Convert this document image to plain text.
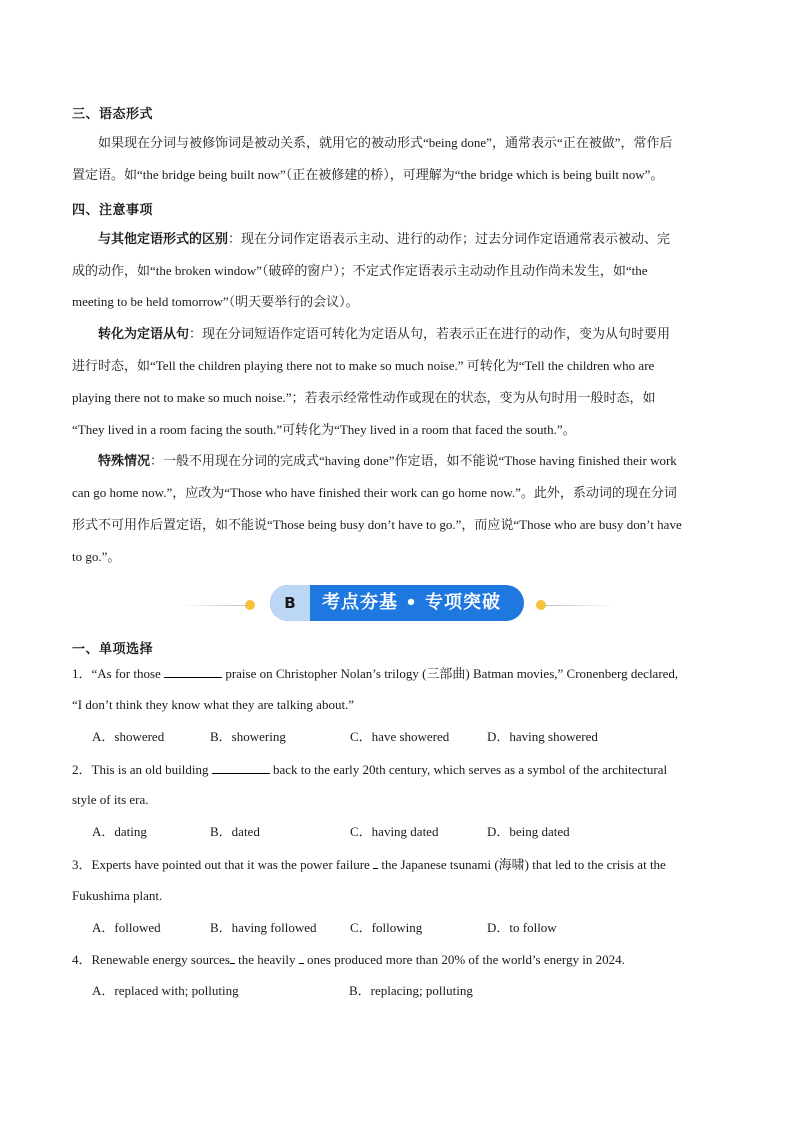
三、语态形式
如果现在分词与被修饰词是被动关系，就用它的被动形式“being done”，通常表示“正在被做”，常作后
置定语。如“the bridge being built now”（正在被修建的桥），可理解为“the bridge which is being built now”。
四、注意事项
与其他定语形式的区别：现在分词作定语表示主动、进行的动作；过去分词作定语通常表示被动、完
成的动作，如“the broken window”（破碎的窗户）；不定式作定语表示主动动作且动作尚未发生，如“the
meeting to be held tomorrow”（明天要举行的会议）。
转化为定语从句：现在分词短语作定语可转化为定语从句，若表示正在进行的动作，变为从句时要用
进行时态，如“Tell the children playing there not to make so much noise.” 可转化为“Tell the children who are
playing there not to make so much noise.”；若表示经常性动作或现在的状态，变为从句时用一般时态，如
“They lived in a room facing the south.”可转化为“They lived in a room that faced the south.”。
特殊情况：一般不用现在分词的完成式“having done”作定语，如不能说“Those having finished their work
can go home now.”，应改为“Those who have finished their work can go home now.”。此外，系动词的现在分词
形式不可用作后置定语，如不能说“Those being busy don’t have to go.”，而应说“Those who are busy don’t have
to go.”。
B	考点夯基 • 专项突破
一、单项选择
1．“As for those	praise on Christopher Nolan’s trilogy (三部曲) Batman movies,” Cronenberg declared,
“I don’t think they know what they are talking about.”
A．showered	B．showering	C．have showered	D．having showered
2．This is an old building	back to the early 20th century, which serves as a symbol of the architectural
style of its era.
A．dating	B．dated	C．having dated	D．being dated
3．Experts have pointed out that it was the power failure  the Japanese tsunami (海啸) that led to the crisis at the
Fukushima plant.
A．followed	B．having followed	C．following	D．to follow
4．Renewable energy sources the heavily  ones produced more than 20% of the world’s energy in 2024.
A．replaced with; polluting	B．replacing; polluting
